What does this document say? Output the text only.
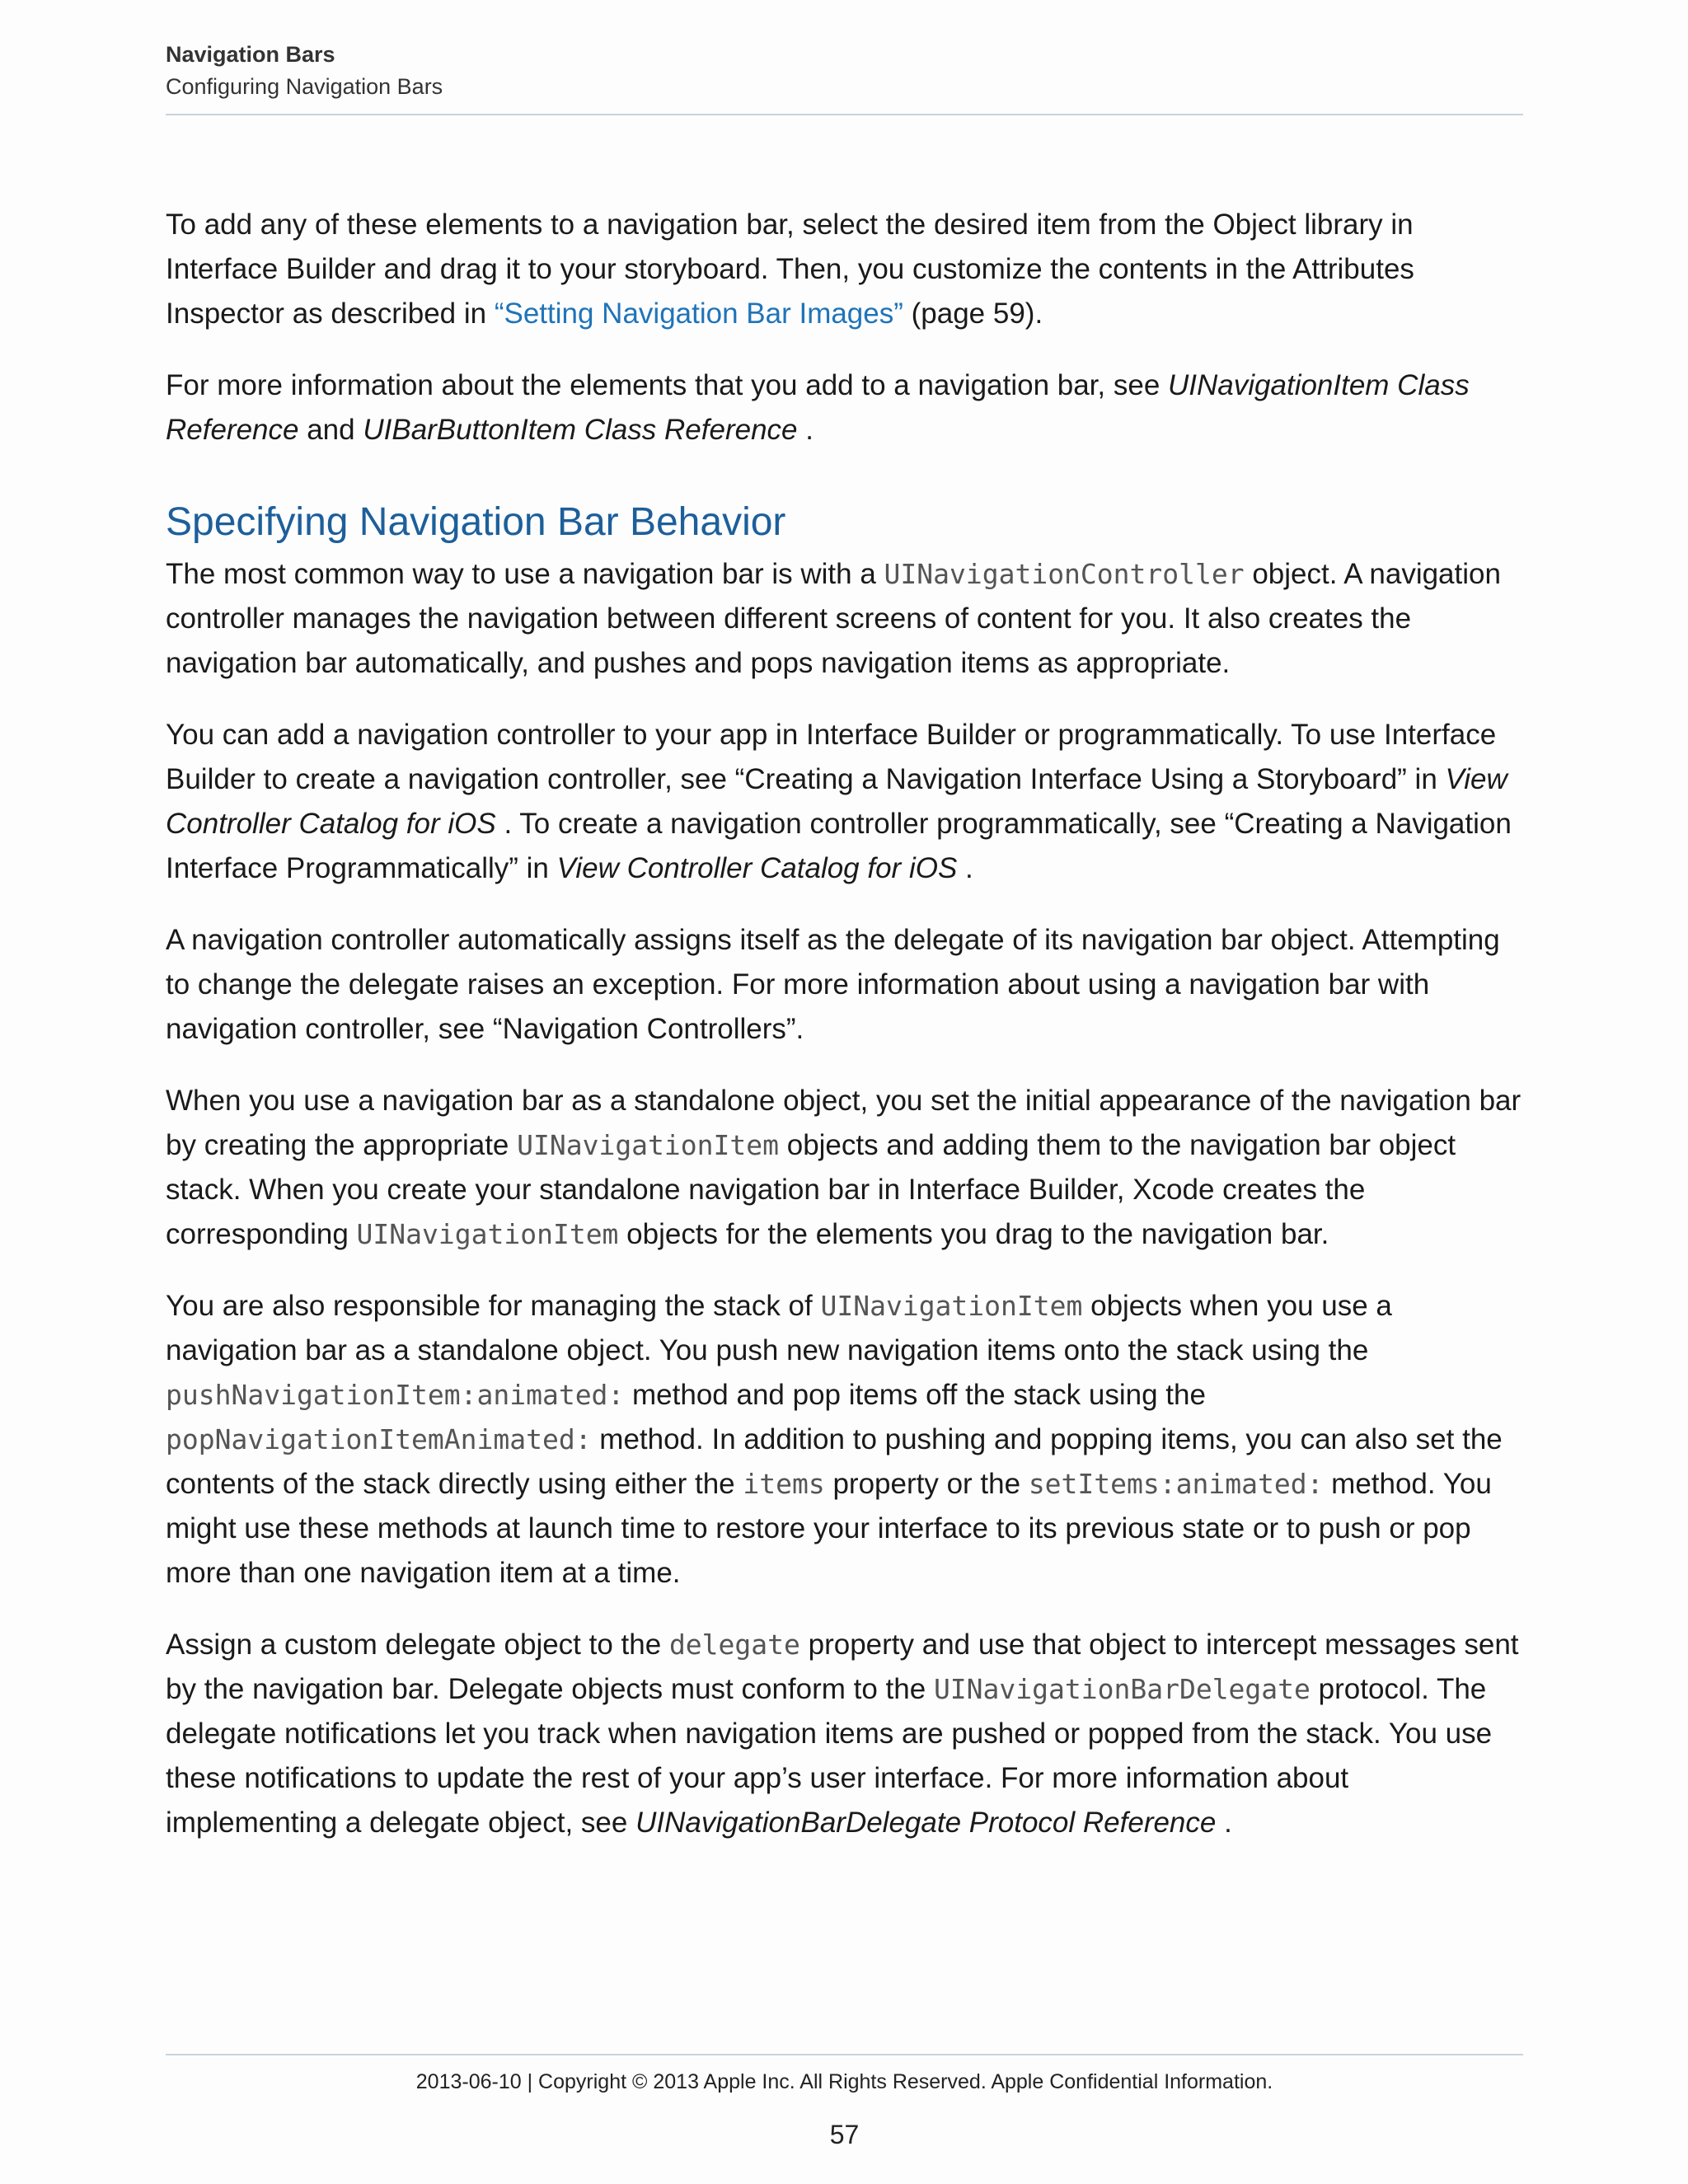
Navigation Bars
Configuring Navigation Bars

To add any of these elements to a navigation bar, select the desired item from the Object library in Interface Builder and drag it to your storyboard. Then, you customize the contents in the Attributes Inspector as described in “Setting Navigation Bar Images” (page 59).

For more information about the elements that you add to a navigation bar, see UINavigationItem Class Reference and UIBarButtonItem Class Reference .

Specifying Navigation Bar Behavior

The most common way to use a navigation bar is with a UINavigationController object. A navigation controller manages the navigation between different screens of content for you. It also creates the navigation bar automatically, and pushes and pops navigation items as appropriate.

You can add a navigation controller to your app in Interface Builder or programmatically. To use Interface Builder to create a navigation controller, see “Creating a Navigation Interface Using a Storyboard” in View Controller Catalog for iOS . To create a navigation controller programmatically, see “Creating a Navigation Interface Programmatically” in View Controller Catalog for iOS .

A navigation controller automatically assigns itself as the delegate of its navigation bar object. Attempting to change the delegate raises an exception. For more information about using a navigation bar with navigation controller, see “Navigation Controllers”.

When you use a navigation bar as a standalone object, you set the initial appearance of the navigation bar by creating the appropriate UINavigationItem objects and adding them to the navigation bar object stack. When you create your standalone navigation bar in Interface Builder, Xcode creates the corresponding UINavigationItem objects for the elements you drag to the navigation bar.

You are also responsible for managing the stack of UINavigationItem objects when you use a navigation bar as a standalone object. You push new navigation items onto the stack using the pushNavigationItem:animated: method and pop items off the stack using the popNavigationItemAnimated: method. In addition to pushing and popping items, you can also set the contents of the stack directly using either the items property or the setItems:animated: method. You might use these methods at launch time to restore your interface to its previous state or to push or pop more than one navigation item at a time.

Assign a custom delegate object to the delegate property and use that object to intercept messages sent by the navigation bar. Delegate objects must conform to the UINavigationBarDelegate protocol. The delegate notifications let you track when navigation items are pushed or popped from the stack. You use these notifications to update the rest of your app’s user interface. For more information about implementing a delegate object, see UINavigationBarDelegate Protocol Reference .

2013-06-10 | Copyright © 2013 Apple Inc. All Rights Reserved. Apple Confidential Information.
57
